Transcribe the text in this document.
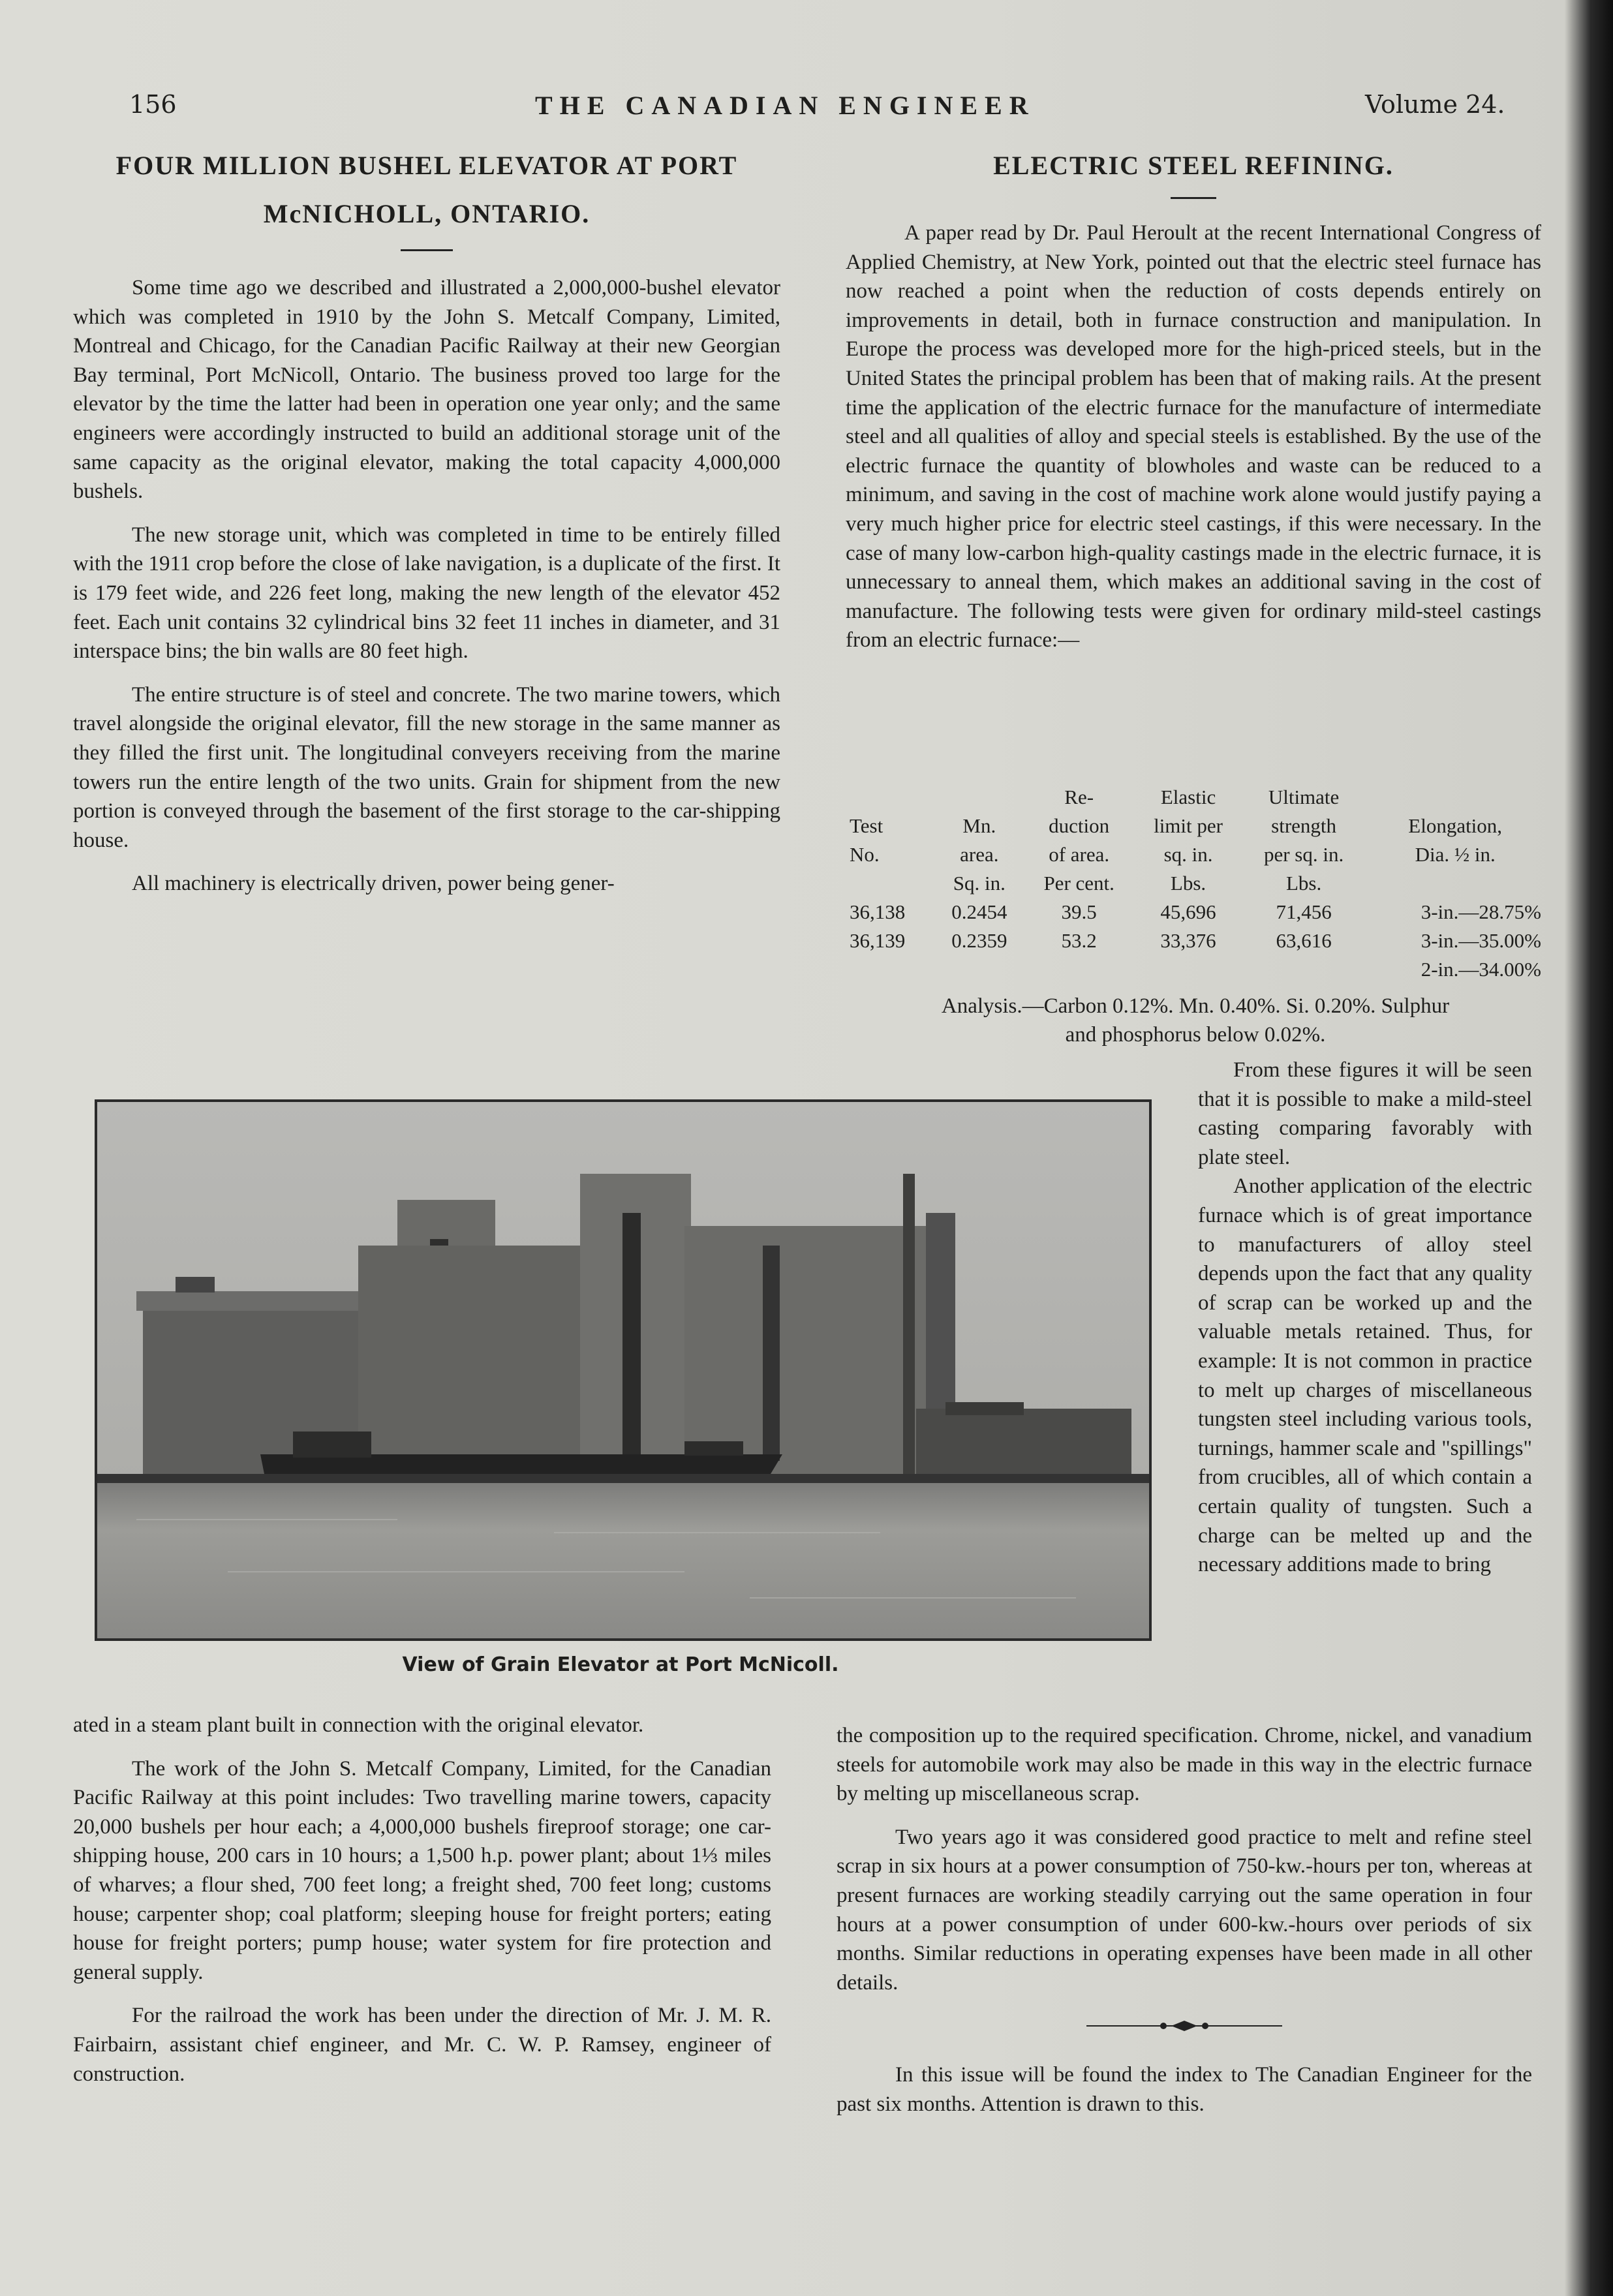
156	THE CANADIAN ENGINEER	Volume 24.

FOUR MILLION BUSHEL ELEVATOR AT PORT

McNICHOLL, ONTARIO.

Some time ago we described and illustrated a 2,000,000-bushel elevator which was completed in 1910 by the John S. Metcalf Company, Limited, Montreal and Chicago, for the Canadian Pacific Railway at their new Georgian Bay terminal, Port McNicoll, Ontario. The business proved too large for the elevator by the time the latter had been in operation one year only; and the same engineers were accordingly instructed to build an additional storage unit of the same capacity as the original elevator, making the total capacity 4,000,000 bushels.

The new storage unit, which was completed in time to be entirely filled with the 1911 crop before the close of lake navigation, is a duplicate of the first. It is 179 feet wide, and 226 feet long, making the new length of the elevator 452 feet. Each unit contains 32 cylindrical bins 32 feet 11 inches in diameter, and 31 interspace bins; the bin walls are 80 feet high.

The entire structure is of steel and concrete. The two marine towers, which travel alongside the original elevator, fill the new storage in the same manner as they filled the first unit. The longitudinal conveyers receiving from the marine towers run the entire length of the two units. Grain for shipment from the new portion is conveyed through the basement of the first storage to the car-shipping house.

All machinery is electrically driven, power being gener-

ELECTRIC STEEL REFINING.

A paper read by Dr. Paul Heroult at the recent International Congress of Applied Chemistry, at New York, pointed out that the electric steel furnace has now reached a point when the reduction of costs depends entirely on improvements in detail, both in furnace construction and manipulation. In Europe the process was developed more for the high-priced steels, but in the United States the principal problem has been that of making rails. At the present time the application of the electric furnace for the manufacture of intermediate steel and all qualities of alloy and special steels is established. By the use of the electric furnace the quantity of blowholes and waste can be reduced to a minimum, and saving in the cost of machine work alone would justify paying a very much higher price for electric steel castings, if this were necessary. In the case of many low-carbon high-quality castings made in the electric furnace, it is unnecessary to anneal them, which makes an additional saving in the cost of manufacture. The following tests were given for ordinary mild-steel castings from an electric furnace:—

		Re-	Elastic	Ultimate	
Test	Mn.	duction	limit per	strength	Elongation,
No.	area.	of area.	sq. in.	per sq. in.	Dia. ½ in.
	Sq. in.	Per cent.	Lbs.	Lbs.	
36,138	0.2454	39.5	45,696	71,456	3-in.—28.75%
36,139	0.2359	53.2	33,376	63,616	3-in.—35.00%
					2-in.—34.00%
Analysis.—Carbon 0.12%. Mn. 0.40%. Si. 0.20%. Sulphur
and phosphorus below 0.02%.
View of Grain Elevator at Port McNicoll.

From these figures it will be seen that it is possible to make a mild-steel casting comparing favorably with plate steel.

Another application of the electric furnace which is of great importance to manufacturers of alloy steel depends upon the fact that any quality of scrap can be worked up and the valuable metals retained. Thus, for example: It is not common in practice to melt up charges of miscellaneous tungsten steel including various tools, turnings, hammer scale and "spillings" from crucibles, all of which contain a certain quality of tungsten. Such a charge can be melted up and the necessary additions made to bring

ated in a steam plant built in connection with the original elevator.

The work of the John S. Metcalf Company, Limited, for the Canadian Pacific Railway at this point includes: Two travelling marine towers, capacity 20,000 bushels per hour each; a 4,000,000 bushels fireproof storage; one car-shipping house, 200 cars in 10 hours; a 1,500 h.p. power plant; about 1⅓ miles of wharves; a flour shed, 700 feet long; a freight shed, 700 feet long; customs house; carpenter shop; coal platform; sleeping house for freight porters; eating house for freight porters; pump house; water system for fire protection and general supply.

For the railroad the work has been under the direction of Mr. J. M. R. Fairbairn, assistant chief engineer, and Mr. C. W. P. Ramsey, engineer of construction.

the composition up to the required specification. Chrome, nickel, and vanadium steels for automobile work may also be made in this way in the electric furnace by melting up miscellaneous scrap.

Two years ago it was considered good practice to melt and refine steel scrap in six hours at a power consumption of 750-kw.-hours per ton, whereas at present furnaces are working steadily carrying out the same operation in four hours at a power consumption of under 600-kw.-hours over periods of six months. Similar reductions in operating expenses have been made in all other details.

In this issue will be found the index to The Canadian Engineer for the past six months. Attention is drawn to this.
